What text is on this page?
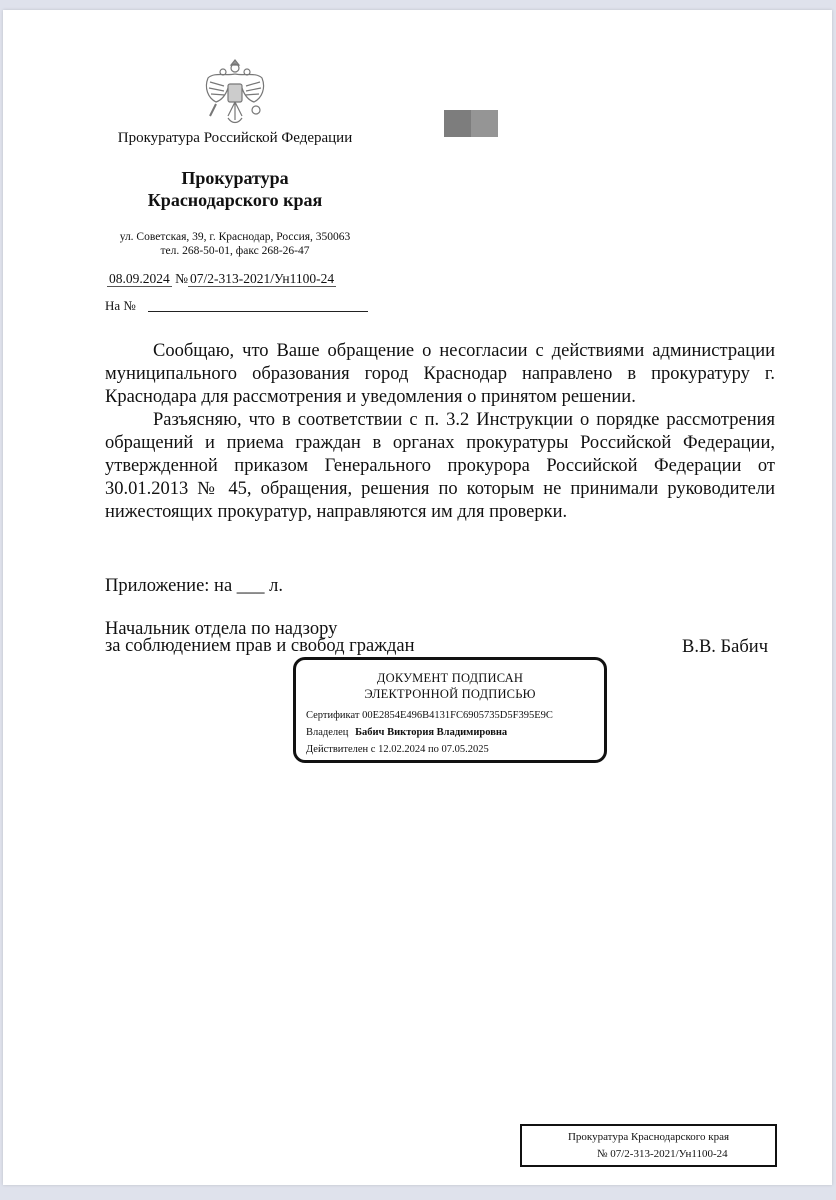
Прокуратура Российской Федерации
Прокуратура
Краснодарского края
ул. Советская, 39, г. Краснодар, Россия, 350063
тел. 268-50-01, факс 268-26-47
08.09.2024 № 07/2-313-2021/Ун1100-24
На №

Сообщаю, что Ваше обращение о несогласии с действиями администрации муниципального образования город Краснодар направлено в прокуратуру г. Краснодара для рассмотрения и уведомления о принятом решении.

Разъясняю, что в соответствии с п. 3.2 Инструкции о порядке рассмотрения обращений и приема граждан в органах прокуратуры Российской Федерации, утвержденной приказом Генерального прокурора Российской Федерации от 30.01.2013 № 45, обращения, решения по которым не принимали руководители нижестоящих прокуратур, направляются им для проверки.

Приложение: на ___ л.
Начальник отдела по надзору
за соблюдением прав и свобод граждан	В.В. Бабич
ДОКУМЕНТ ПОДПИСАН
ЭЛЕКТРОННОЙ ПОДПИСЬЮ
Сертификат 00E2854E496B4131FC6905735D5F395E9C
Владелец Бабич Виктория Владимировна
Действителен с 12.02.2024 по 07.05.2025
Прокуратура Краснодарского края
№ 07/2-313-2021/Ун1100-24
